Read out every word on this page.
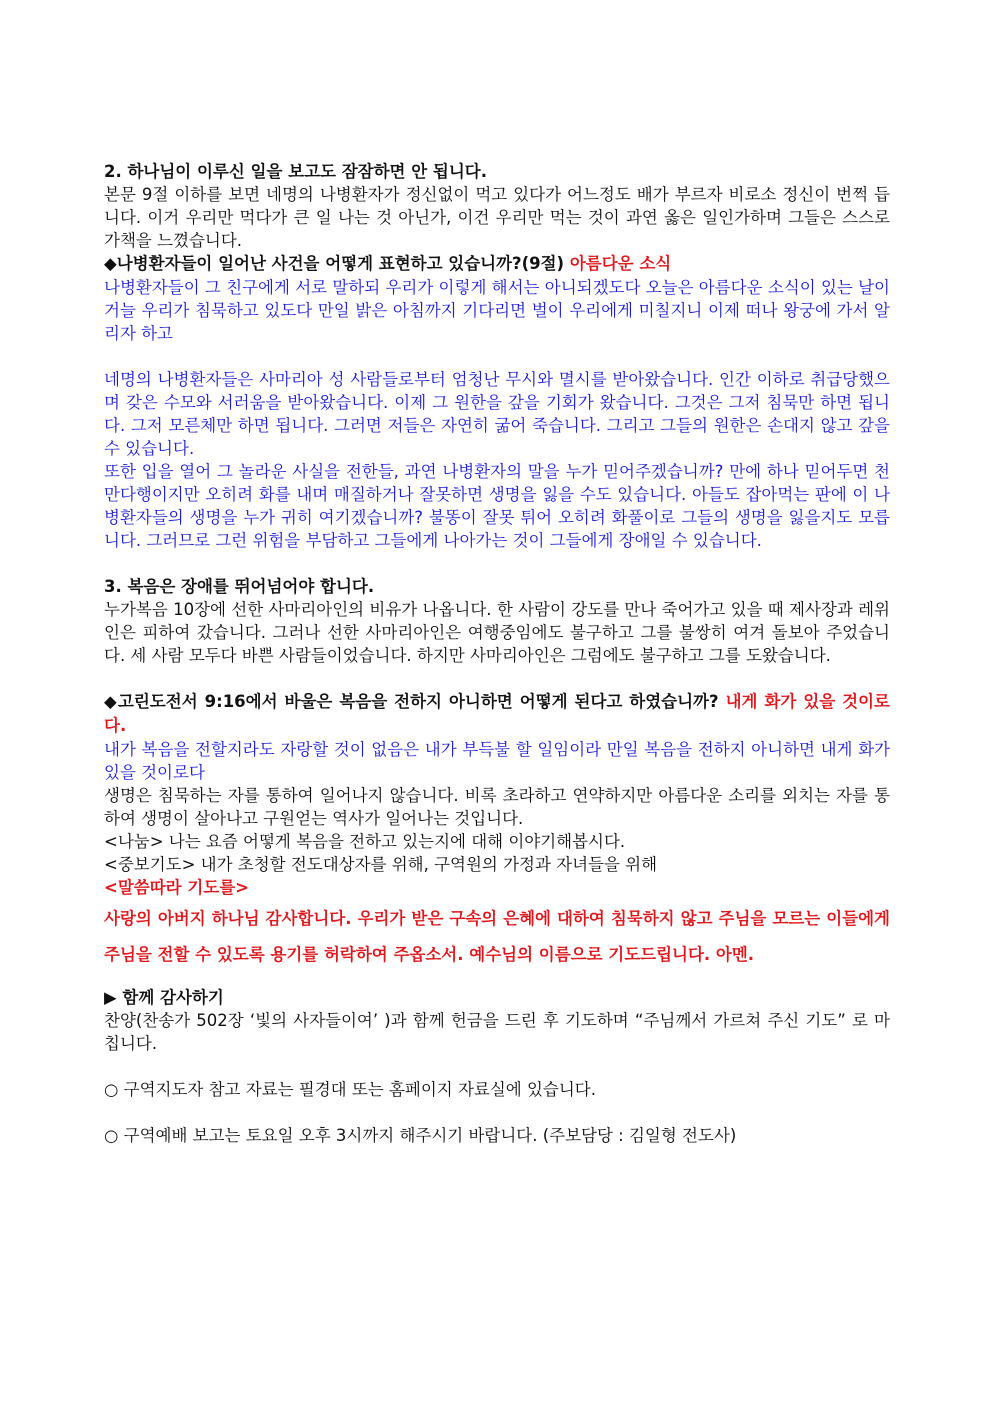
2. 하나님이 이루신 일을 보고도 잠잠하면 안 됩니다.

본문 9절 이하를 보면 네명의 나병환자가 정신없이 먹고 있다가 어느정도 배가 부르자 비로소 정신이 번쩍 듭니다. 이거 우리만 먹다가 큰 일 나는 것 아닌가, 이건 우리만 먹는 것이 과연 옳은 일인가하며 그들은 스스로 가책을 느꼈습니다.

◆나병환자들이 일어난 사건을 어떻게 표현하고 있습니까?(9절) 아름다운 소식

나병환자들이 그 친구에게 서로 말하되 우리가 이렇게 해서는 아니되겠도다 오늘은 아름다운 소식이 있는 날이거늘 우리가 침묵하고 있도다 만일 밝은 아침까지 기다리면 벌이 우리에게 미칠지니 이제 떠나 왕궁에 가서 알리자 하고

네명의 나병환자들은 사마리아 성 사람들로부터 엄청난 무시와 멸시를 받아왔습니다. 인간 이하로 취급당했으며 갖은 수모와 서러움을 받아왔습니다. 이제 그 원한을 갚을 기회가 왔습니다. 그것은 그저 침묵만 하면 됩니다. 그저 모른체만 하면 됩니다. 그러면 저들은 자연히 굶어 죽습니다. 그리고 그들의 원한은 손대지 않고 갚을 수 있습니다.

또한 입을 열어 그 놀라운 사실을 전한들, 과연 나병환자의 말을 누가 믿어주겠습니까? 만에 하나 믿어두면 천만다행이지만 오히려 화를 내며 매질하거나 잘못하면 생명을 잃을 수도 있습니다. 아들도 잡아먹는 판에 이 나병환자들의 생명을 누가 귀히 여기겠습니까? 불똥이 잘못 튀어 오히려 화풀이로 그들의 생명을 잃을지도 모릅니다. 그러므로 그런 위험을 부담하고 그들에게 나아가는 것이 그들에게 장애일 수 있습니다.

3. 복음은 장애를 뛰어넘어야 합니다.

누가복음 10장에 선한 사마리아인의 비유가 나옵니다. 한 사람이 강도를 만나 죽어가고 있을 때 제사장과 레위인은 피하여 갔습니다. 그러나 선한 사마리아인은 여행중임에도 불구하고 그를 불쌍히 여겨 돌보아 주었습니다. 세 사람 모두다 바쁜 사람들이었습니다. 하지만 사마리아인은 그럼에도 불구하고 그를 도왔습니다.

◆고린도전서 9:16에서 바울은 복음을 전하지 아니하면 어떻게 된다고 하였습니까? 내게 화가 있을 것이로다.

내가 복음을 전할지라도 자랑할 것이 없음은 내가 부득불 할 일임이라 만일 복음을 전하지 아니하면 내게 화가 있을 것이로다

생명은 침묵하는 자를 통하여 일어나지 않습니다. 비록 초라하고 연약하지만 아름다운 소리를 외치는 자를 통하여 생명이 살아나고 구원얻는 역사가 일어나는 것입니다.

<나눔> 나는 요즘 어떻게 복음을 전하고 있는지에 대해 이야기해봅시다.

<중보기도> 내가 초청할 전도대상자를 위해, 구역원의 가정과 자녀들을 위해

<말씀따라 기도를>

사랑의 아버지 하나님 감사합니다. 우리가 받은 구속의 은혜에 대하여 침묵하지 않고 주님을 모르는 이들에게 주님을 전할 수 있도록 용기를 허락하여 주옵소서. 예수님의 이름으로 기도드립니다. 아멘.

▶ 함께 감사하기

찬양(찬송가 502장 ‘빛의 사자들이여’ )과 함께 헌금을 드린 후 기도하며 “주님께서 가르쳐 주신 기도” 로 마칩니다.

○ 구역지도자 참고 자료는 필경대 또는 홈페이지 자료실에 있습니다.

○ 구역예배 보고는 토요일 오후 3시까지 해주시기 바랍니다. (주보담당 : 김일형 전도사)
